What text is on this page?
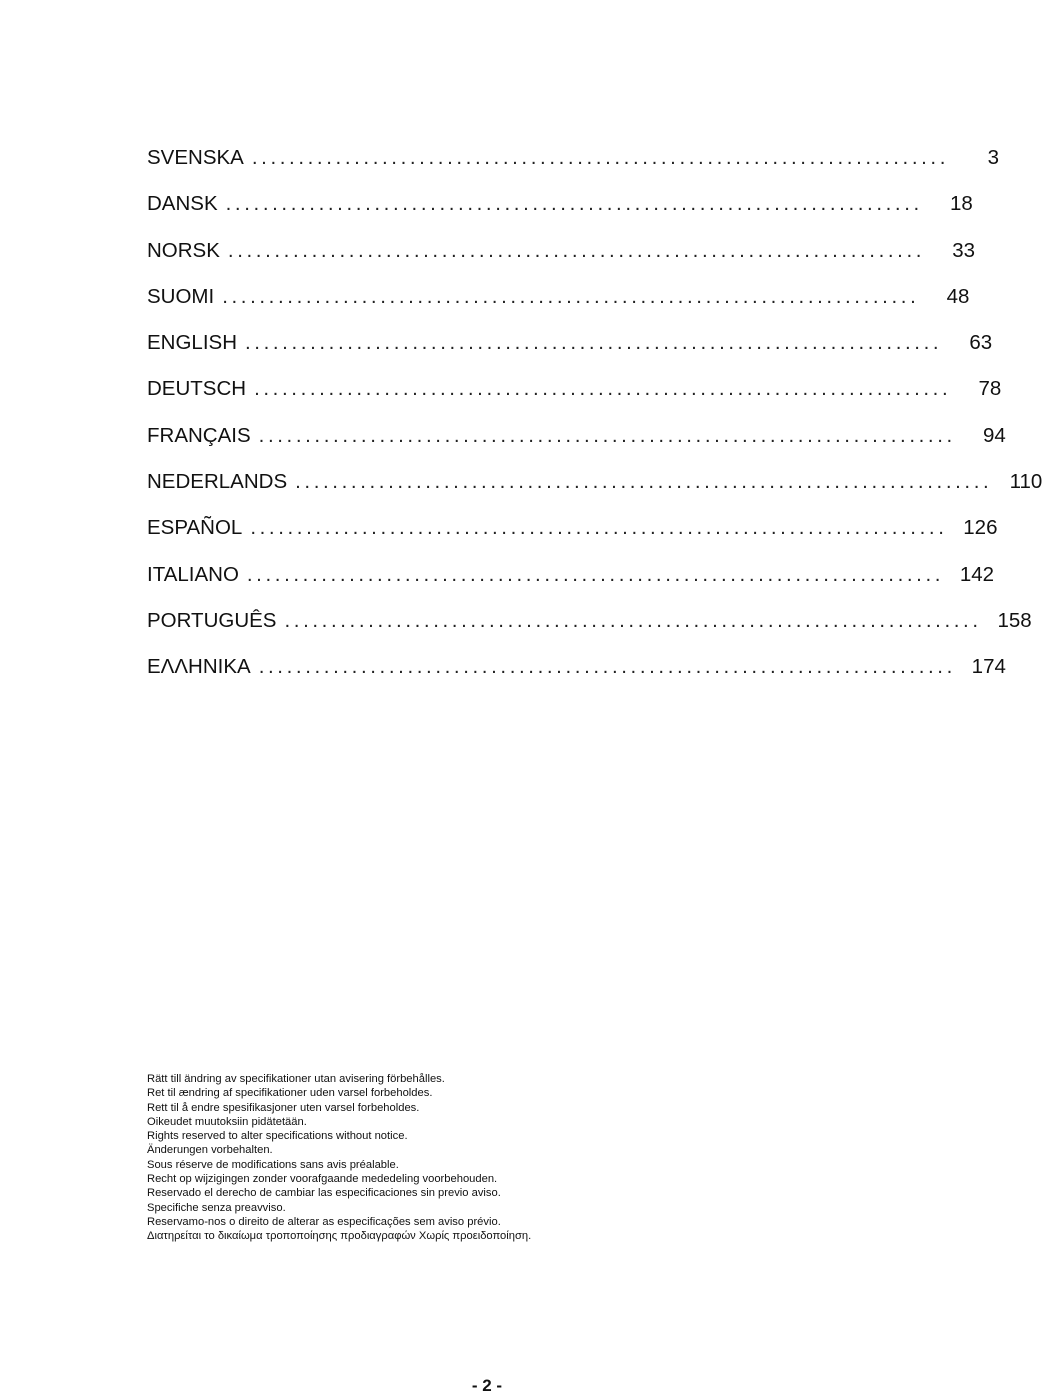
SVENSKA ...........................................................................	3
DANSK ...........................................................................	18
NORSK ...........................................................................	33
SUOMI ...........................................................................	48
ENGLISH ...........................................................................	63
DEUTSCH ...........................................................................	78
FRANÇAIS ...........................................................................	94
NEDERLANDS ........................................................................... 110
ESPAÑOL ........................................................................... 126
ITALIANO ........................................................................... 142
PORTUGUÊS ........................................................................... 158
ΕΛΛΗΝΙΚΑ ........................................................................... 174
Rätt till ändring av specifikationer utan avisering förbehålles.
Ret til ændring af specifikationer uden varsel forbeholdes.
Rett til å endre spesifikasjoner uten varsel forbeholdes.
Oikeudet muutoksiin pidätetään.
Rights reserved to alter specifications without notice.
Änderungen vorbehalten.
Sous réserve de modifications sans avis préalable.
Recht op wijzigingen zonder voorafgaande mededeling voorbehouden.
Reservado el derecho de cambiar las especificaciones sin previo aviso.
Specifiche senza preavviso.
Reservamo-nos o direito de alterar as especificações sem aviso prévio.
Διατηρείται το δικαίωμα τροποποίησης προδιαγραφών Χωρίς προειδοποίηση.
- 2 -
